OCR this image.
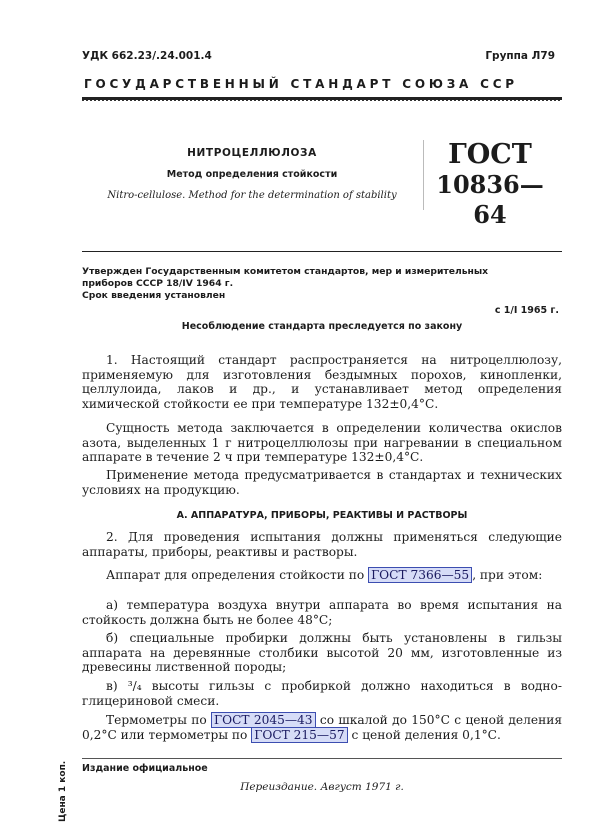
УДК 662.23/.24.001.4	Группа Л79
ГОСУДАРСТВЕННЫЙ СТАНДАРТ СОЮЗА ССР
НИТРОЦЕЛЛЮЛОЗА
Метод определения стойкости
Nitro-cellulose. Method for the determination of stability
ГОСТ
10836—64
Утвержден Государственным комитетом стандартов, мер и измерительных
приборов СССР 18/IV 1964 г.
Срок введения установлен
с 1/I 1965 г.
Несоблюдение стандарта преследуется по закону
1. Настоящий стандарт распространяется на нитроцеллюлозу, применяемую для изготовления бездымных порохов, кинопленки, целлулоида, лаков и др., и устанавливает метод определения химической стойкости ее при температуре 132±0,4°С.
Сущность метода заключается в определении количества окислов азота, выделенных 1 г нитроцеллюлозы при нагревании в специальном аппарате в течение 2 ч при температуре 132±0,4°С.
Применение метода предусматривается в стандартах и технических условиях на продукцию.
А. АППАРАТУРА, ПРИБОРЫ, РЕАКТИВЫ И РАСТВОРЫ
2. Для проведения испытания должны применяться следующие аппараты, приборы, реактивы и растворы.
Аппарат для определения стойкости по ГОСТ 7366—55 , при этом:
а) температура воздуха внутри аппарата во время испытания на стойкость должна быть не более 48°С;
б) специальные пробирки должны быть установлены в гильзы аппарата на деревянные столбики высотой 20 мм, изготовленные из древесины лиственной породы;
в) ³/₄ высоты гильзы с пробиркой должно находиться в водно-глицериновой смеси.
Термометры по ГОСТ 2045—43 со шкалой до 150°С с ценой деления 0,2°С или термометры по ГОСТ 215—57 с ценой деления 0,1°С.
Цена 1 коп. Издание официальное
Переиздание. Август 1971 г.
